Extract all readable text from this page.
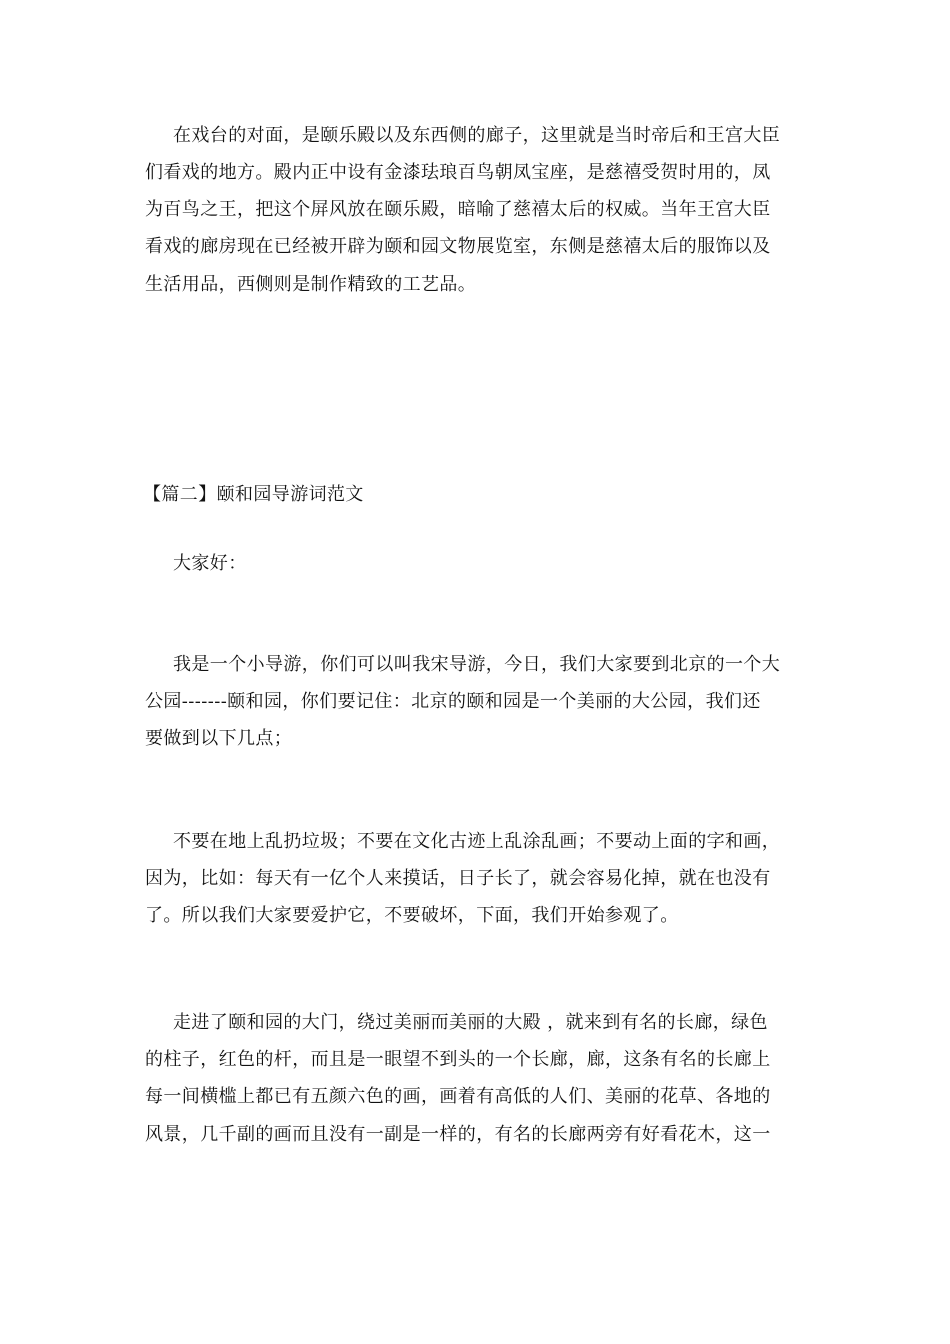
在戏台的对面，是颐乐殿以及东西侧的廊子，这里就是当时帝后和王宫大臣
们看戏的地方。殿内正中设有金漆珐琅百鸟朝凤宝座，是慈禧受贺时用的，凤
为百鸟之王，把这个屏风放在颐乐殿，暗喻了慈禧太后的权威。当年王宫大臣
看戏的廊房现在已经被开辟为颐和园文物展览室，东侧是慈禧太后的服饰以及
生活用品，西侧则是制作精致的工艺品。
【篇二】颐和园导游词范文
大家好：
我是一个小导游，你们可以叫我宋导游，今日，我们大家要到北京的一个大
公园-------颐和园，你们要记住：北京的颐和园是一个美丽的大公园，我们还
要做到以下几点；
不要在地上乱扔垃圾；不要在文化古迹上乱涂乱画；不要动上面的字和画，
因为，比如：每天有一亿个人来摸话，日子长了，就会容易化掉，就在也没有
了。所以我们大家要爱护它，不要破坏，下面，我们开始参观了。
走进了颐和园的大门，绕过美丽而美丽的大殿 ，就来到有名的长廊，绿色
的柱子，红色的杆，而且是一眼望不到头的一个长廊，廊，这条有名的长廊上
每一间横槛上都已有五颜六色的画，画着有高低的人们、美丽的花草、各地的
风景，几千副的画而且没有一副是一样的，有名的长廊两旁有好看花木，这一
